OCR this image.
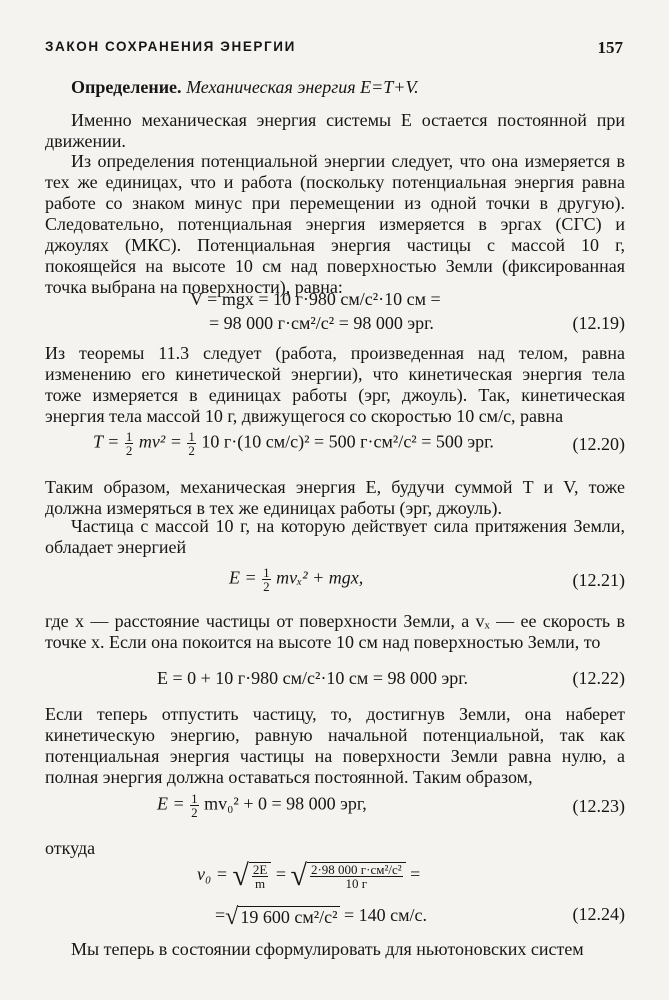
ЗАКОН СОХРАНЕНИЯ ЭНЕРГИИ	157

Определение. Механическая энергия E=T+V.

Именно механическая энергия системы E остается постоянной при движении.

Из определения потенциальной энергии следует, что она измеряется в тех же единицах, что и работа (поскольку потенциальная энергия равна работе со знаком минус при перемещении из одной точки в другую). Следовательно, потенциальная энергия измеряется в эргах (СГС) и джоулях (МКС). Потенциальная энергия частицы с массой 10 г, покоящейся на высоте 10 см над поверхностью Земли (фиксированная точка выбрана на поверхности), равна:

V = mgx = 10 г·980 см/с²·10 см =
= 98 000 г·см²/с² = 98 000 эрг.	(12.19)

Из теоремы 11.3 следует (работа, произведенная над телом, равна изменению его кинетической энергии), что кинетическая энергия тела тоже измеряется в единицах работы (эрг, джоуль). Так, кинетическая энергия тела массой 10 г, движущегося со скоростью 10 см/с, равна

$T = \frac{1}{2} mv^2 = \frac{1}{2} 10$ г·(10 см/с)² = 500 г·см²/с² = 500 эрг.	(12.20)

Таким образом, механическая энергия E, будучи суммой T и V, тоже должна измеряться в тех же единицах работы (эрг, джоуль).

Частица с массой 10 г, на которую действует сила притяжения Земли, обладает энергией

$E = \frac{1}{2} mv_x^2$ + mgx,	(12.21)

где x — расстояние частицы от поверхности Земли, а vₓ — ее скорость в точке x. Если она покоится на высоте 10 см над поверхностью Земли, то

E = 0 + 10 г·980 см/с²·10 см = 98 000 эрг.	(12.22)

Если теперь отпустить частицу, то, достигнув Земли, она наберет кинетическую энергию, равную начальной потенциальной, так как потенциальная энергия частицы на поверхности Земли равна нулю, а полная энергия должна оставаться постоянной. Таким образом,

$E = \frac{1}{2} mv_0^2 + 0 = 98$ 000 эрг,	(12.23)

откуда

v₀ = √ $\frac{2E}{m}$ = √ $\frac{\text{2·98 000 г·см²/с²}}{10 г}$ =
=√ 19 600 см²/с² = 140 см/с.	(12.24)

Мы теперь в состоянии сформулировать для ньютоновских систем
